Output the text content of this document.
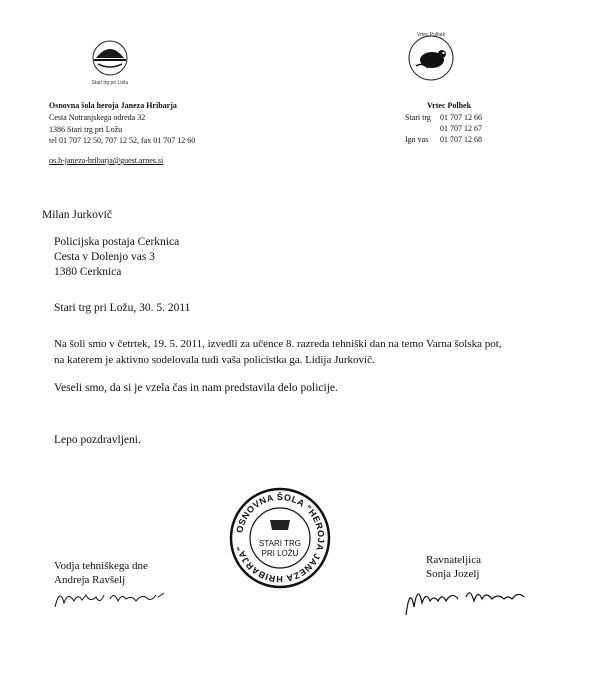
Stari trg pri Ložu
Vrtec Polhek
Osnovna šola heroja Janeza Hribarja
Cesta Notranjskega odreda 32
1386 Stari trg pri Ložu
tel 01 707 12 50, 707 12 52, fax 01 707 12 60
os.h-janeza-hribarja@guest.arnes.si
Vrtec Polhek
Stari trg 01 707 12 66
01 707 12 67
Ign vas 01 707 12 68
Milan Jurkovič
Policijska postaja Cerknica
Cesta v Dolenjo vas 3
1380 Cerknica
Stari trg pri Ložu, 30. 5. 2011
Na šoli smo v četrtek, 19. 5. 2011, izvedli za učence 8. razreda tehniški dan na temo Varna šolska pot,
na katerem je aktivno sodelovala tudi vaša policistka ga. Lidija Jurkovič.
Veseli smo, da si je vzela čas in nam predstavila delo policije.
Lepo pozdravljeni.
OSNOVNA ŠOLA "HEROJA JANEZA HRIBARJA"
STARI TRG
PRI LOŽU
Vodja tehniškega dne
Andreja Ravšelj
Ravnateljica
Sonja Jozelj
